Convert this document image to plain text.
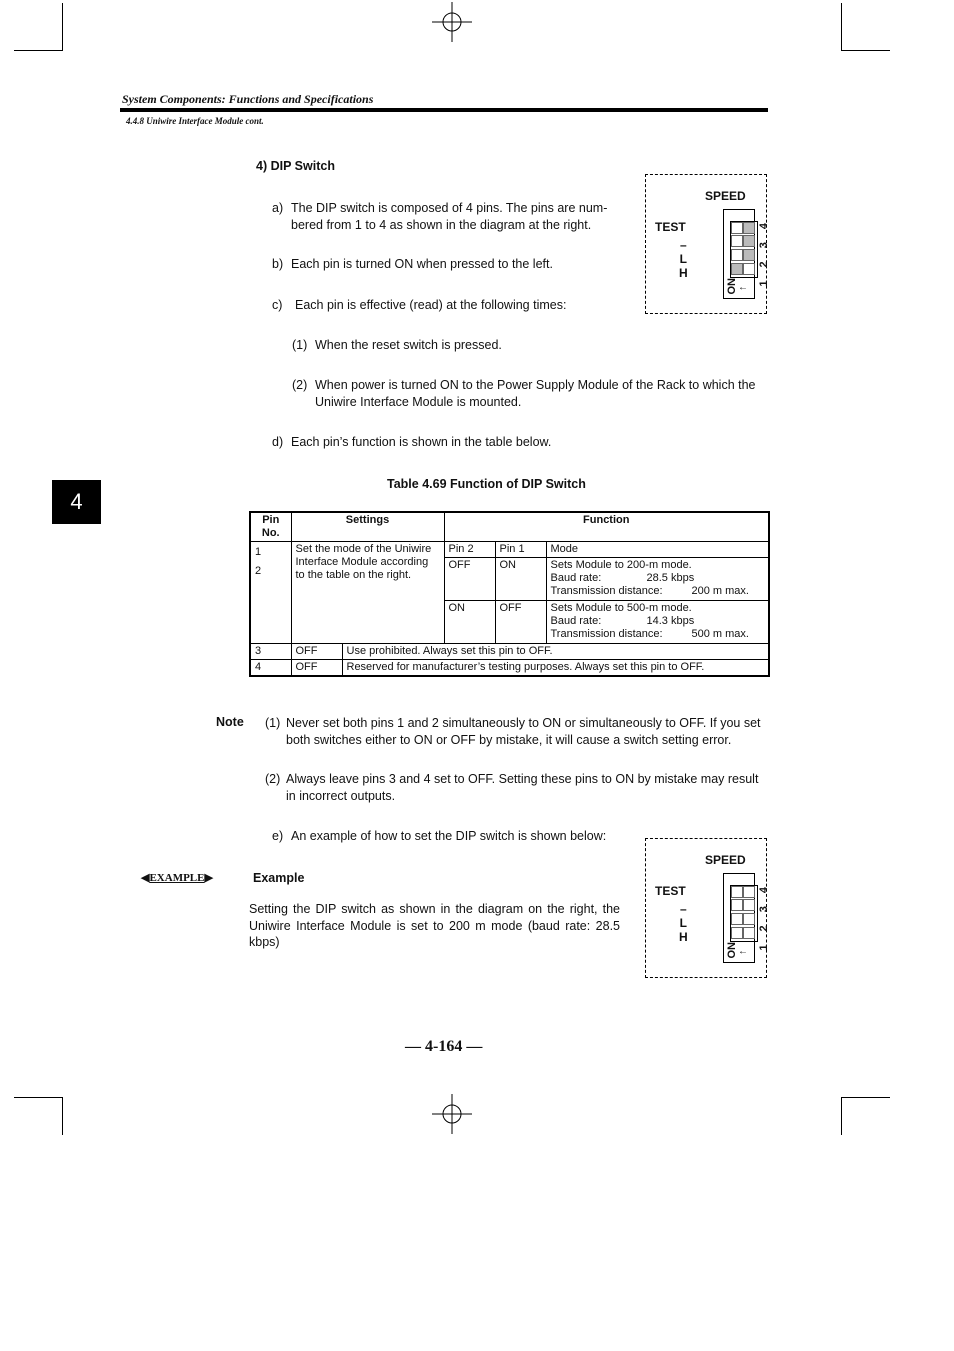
System Components: Functions and Specifications
4.4.8 Uniwire Interface Module cont.
4
4) DIP Switch
a) The DIP switch is composed of 4 pins. The pins are num- bered from 1 to 4 as shown in the diagram at the right.
b) Each pin is turned ON when pressed to the left.
c) Each pin is effective (read) at the following times:
(1) When the reset switch is pressed.
(2) When power is turned ON to the Power Supply Module of the Rack to which the Uniwire Interface Module is mounted.
d) Each pin’s function is shown in the table below.
SPEED
TEST
–
L
H	1 2 3 4
ON ←
Table 4.69 Function of DIP Switch
Pin No.	Settings		Function		

1
2	Set the mode of the Uniwire Interface Module according to the table on the right.		Pin 2	Pin 1	Mode
			OFF	ON	Sets Module to 200-m mode.
Baud rate: 28.5 kbps
Transmission distance: 200 m max.

			ON	OFF	Sets Module to 500-m mode.
Baud rate: 14.3 kbps
Transmission distance: 500 m max.

3	OFF	Use prohibited. Always set this pin to OFF.			
4	OFF	Reserved for manufacturer’s testing purposes. Always set this pin to OFF.			
Note (1) Never set both pins 1 and 2 simultaneously to ON or simultaneously to OFF. If you set both switches either to ON or OFF by mistake, it will cause a switch setting error.
(2) Always leave pins 3 and 4 set to OFF. Setting these pins to ON by mistake may result in incorrect outputs.
e) An example of how to set the DIP switch is shown below:
◀EXAMPLE▶	Example
Setting the DIP switch as shown in the diagram on the right, the Uniwire Interface Module is set to 200 m mode (baud rate: 28.5 kbps)
SPEED
TEST
–
L
H	1 2 3 4
ON ←
— 4-164 —
